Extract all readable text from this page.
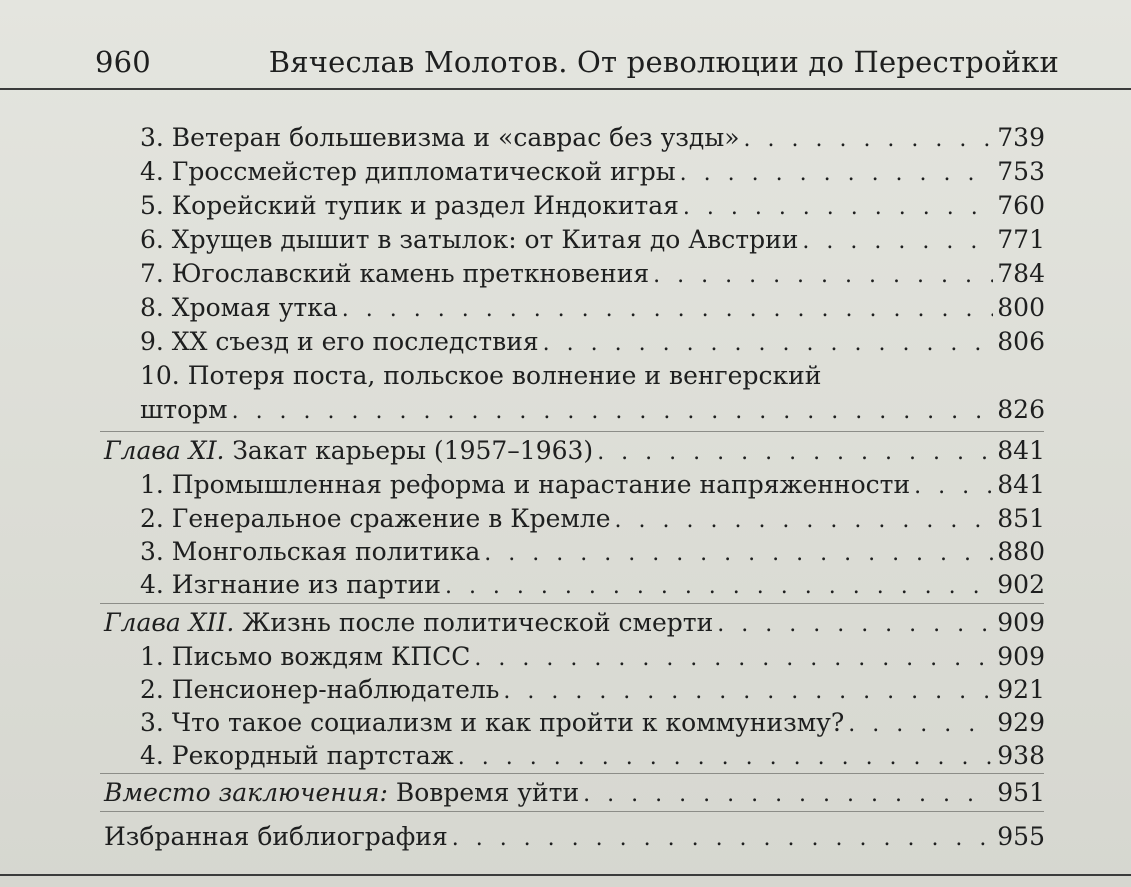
960	Вячеслав Молотов. От революции до Перестройки
3. Ветеран большевизма и «саврас без узды» . . .	739
4. Гроссмейстер дипломатической игры . . .	753
5. Корейский тупик и раздел Индокитая . . .	760
6. Хрущев дышит в затылок: от Китая до Австрии . . .	771
7. Югославский камень преткновения . . .	784
8. Хромая утка . . .	800
9. XX съезд и его последствия . . .	806
10. Потеря поста, польское волнение и венгерский
шторм . . .	826
Глава XI. Закат карьеры (1957–1963) . . .	841
1. Промышленная реформа и нарастание напряженности . . .	841
2. Генеральное сражение в Кремле . . .	851
3. Монгольская политика . . .	880
4. Изгнание из партии . . .	902
Глава XII. Жизнь после политической смерти . . .	909
1. Письмо вождям КПСС . . .	909
2. Пенсионер-наблюдатель . . .	921
3. Что такое социализм и как пройти к коммунизму? . . .	929
4. Рекордный партстаж . . .	938
Вместо заключения: Вовремя уйти . . .	951
Избранная библиография . . .	955
